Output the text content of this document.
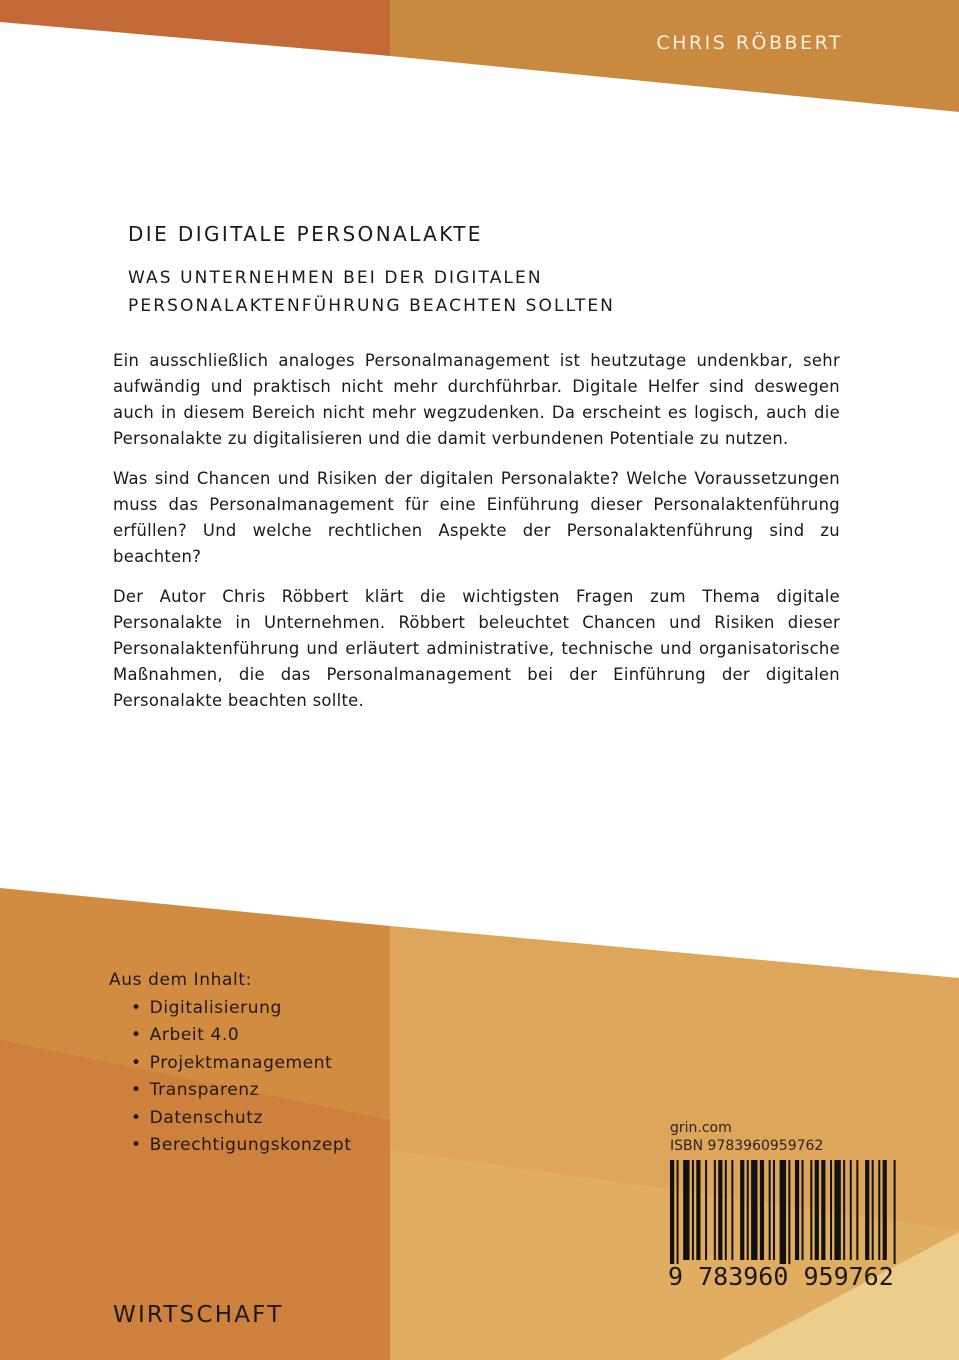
CHRIS RÖBBERT
DIE DIGITALE PERSONALAKTE
WAS UNTERNEHMEN BEI DER DIGITALEN
PERSONALAKTENFÜHRUNG BEACHTEN SOLLTEN

Ein ausschließlich analoges Personalmanagement ist heutzutage undenkbar, sehr aufwändig und praktisch nicht mehr durchführbar. Digitale Helfer sind deswegen auch in diesem Bereich nicht mehr wegzudenken. Da erscheint es logisch, auch die Personalakte zu digitalisieren und die damit verbundenen Potentiale zu nutzen.

Was sind Chancen und Risiken der digitalen Personalakte? Welche Voraussetzungen muss das Personalmanagement für eine Einführung dieser Personalaktenführung erfüllen? Und welche rechtlichen Aspekte der Personalaktenführung sind zu beachten?

Der Autor Chris Röbbert klärt die wichtigsten Fragen zum Thema digitale Personalakte in Unternehmen. Röbbert beleuchtet Chancen und Risiken dieser Personalaktenführung und erläutert administrative, technische und organisatorische Maßnahmen, die das Personalmanagement bei der Einführung der digitalen Personalakte beachten sollte.

Aus dem Inhalt:
• Digitalisierung
• Arbeit 4.0
• Projektmanagement
• Transparenz
• Datenschutz
• Berechtigungskonzept
WIRTSCHAFT
grin.com
ISBN 9783960959762
9 783960 959762
